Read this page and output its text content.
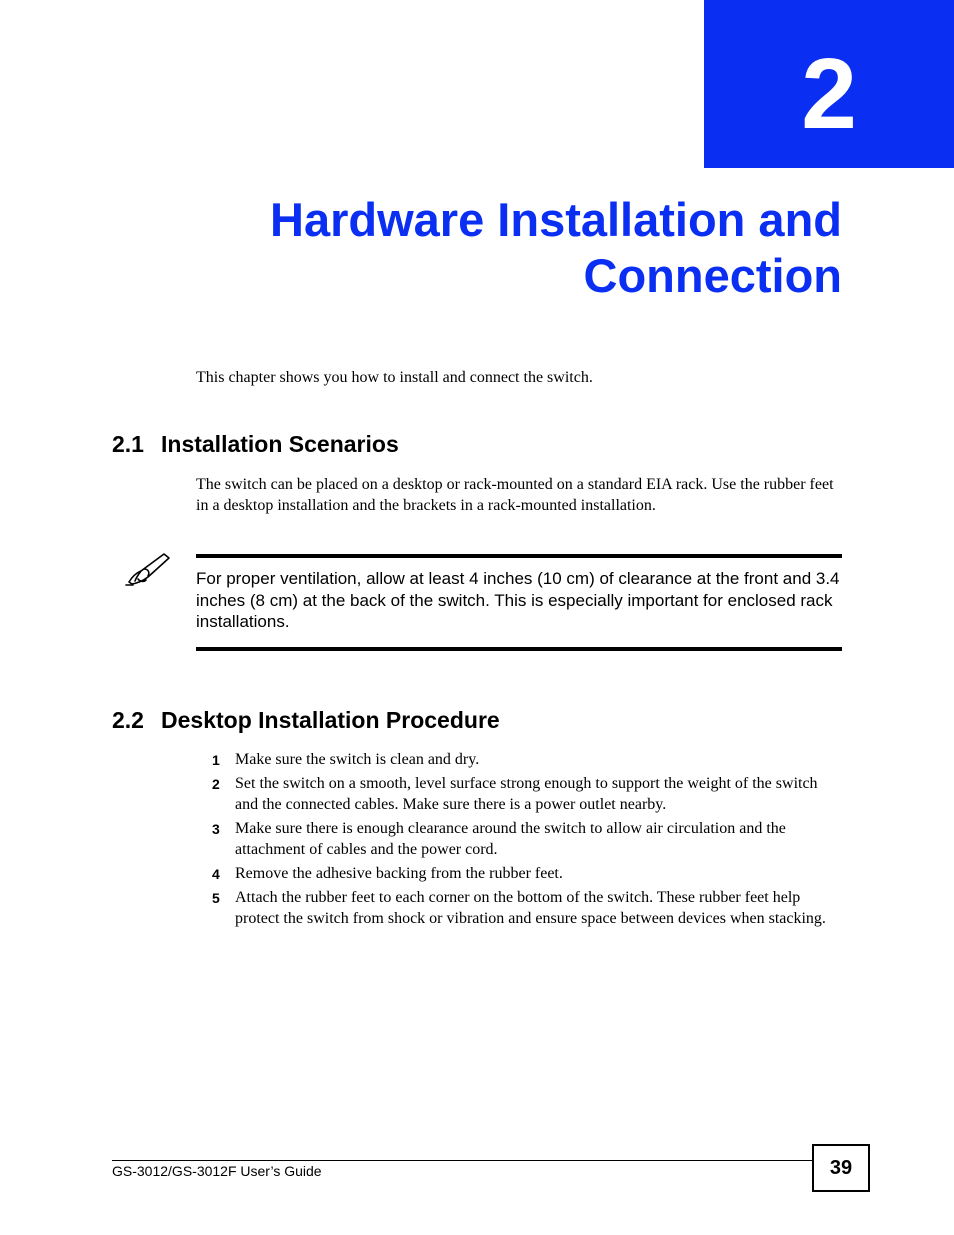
2
Hardware Installation and
Connection
This chapter shows you how to install and connect the switch.
2.1 Installation Scenarios
The switch can be placed on a desktop or rack-mounted on a standard EIA rack. Use the rubber feet in a desktop installation and the brackets in a rack-mounted installation.
For proper ventilation, allow at least 4 inches (10 cm) of clearance at the front and 3.4 inches (8 cm) at the back of the switch. This is especially important for enclosed rack installations.
2.2 Desktop Installation Procedure
1 Make sure the switch is clean and dry.
2 Set the switch on a smooth, level surface strong enough to support the weight of the switch and the connected cables. Make sure there is a power outlet nearby.
3 Make sure there is enough clearance around the switch to allow air circulation and the attachment of cables and the power cord.
4 Remove the adhesive backing from the rubber feet.
5 Attach the rubber feet to each corner on the bottom of the switch. These rubber feet help protect the switch from shock or vibration and ensure space between devices when stacking.
GS-3012/GS-3012F User’s Guide	39
